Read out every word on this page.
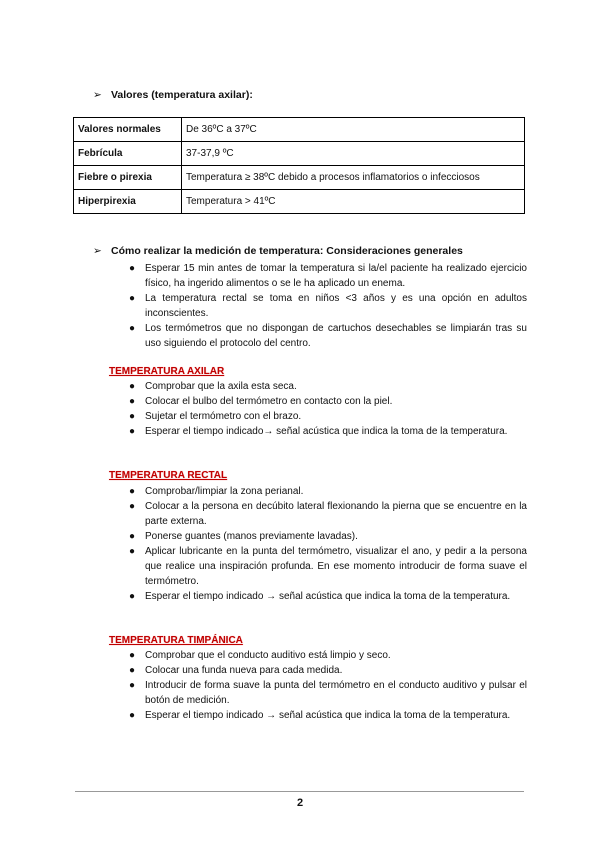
➢ Valores (temperatura axilar):
Valores normales	De 36ºC a 37ºC
Febrícula	37-37,9 ºC
Fiebre o pirexia	Temperatura ≥ 38ºC debido a procesos inflamatorios o infecciosos
Hiperpirexia	Temperatura > 41ºC
➢ Cómo realizar la medición de temperatura: Consideraciones generales
● Esperar 15 min antes de tomar la temperatura si la/el paciente ha realizado ejercicio físico, ha ingerido alimentos o se le ha aplicado un enema.
● La temperatura rectal se toma en niños <3 años y es una opción en adultos inconscientes.
● Los termómetros que no dispongan de cartuchos desechables se limpiarán tras su uso siguiendo el protocolo del centro.
TEMPERATURA AXILAR
● Comprobar que la axila esta seca.
● Colocar el bulbo del termómetro en contacto con la piel.
● Sujetar el termómetro con el brazo.
● Esperar el tiempo indicado→ señal acústica que indica la toma de la temperatura.
TEMPERATURA RECTAL
● Comprobar/limpiar la zona perianal.
● Colocar a la persona en decúbito lateral flexionando la pierna que se encuentre en la parte externa.
● Ponerse guantes (manos previamente lavadas).
● Aplicar lubricante en la punta del termómetro, visualizar el ano, y pedir a la persona que realice una inspiración profunda. En ese momento introducir de forma suave el termómetro.
● Esperar el tiempo indicado → señal acústica que indica la toma de la temperatura.
TEMPERATURA TIMPÁNICA
● Comprobar que el conducto auditivo está limpio y seco.
● Colocar una funda nueva para cada medida.
● Introducir de forma suave la punta del termómetro en el conducto auditivo y pulsar el botón de medición.
● Esperar el tiempo indicado → señal acústica que indica la toma de la temperatura.
2
